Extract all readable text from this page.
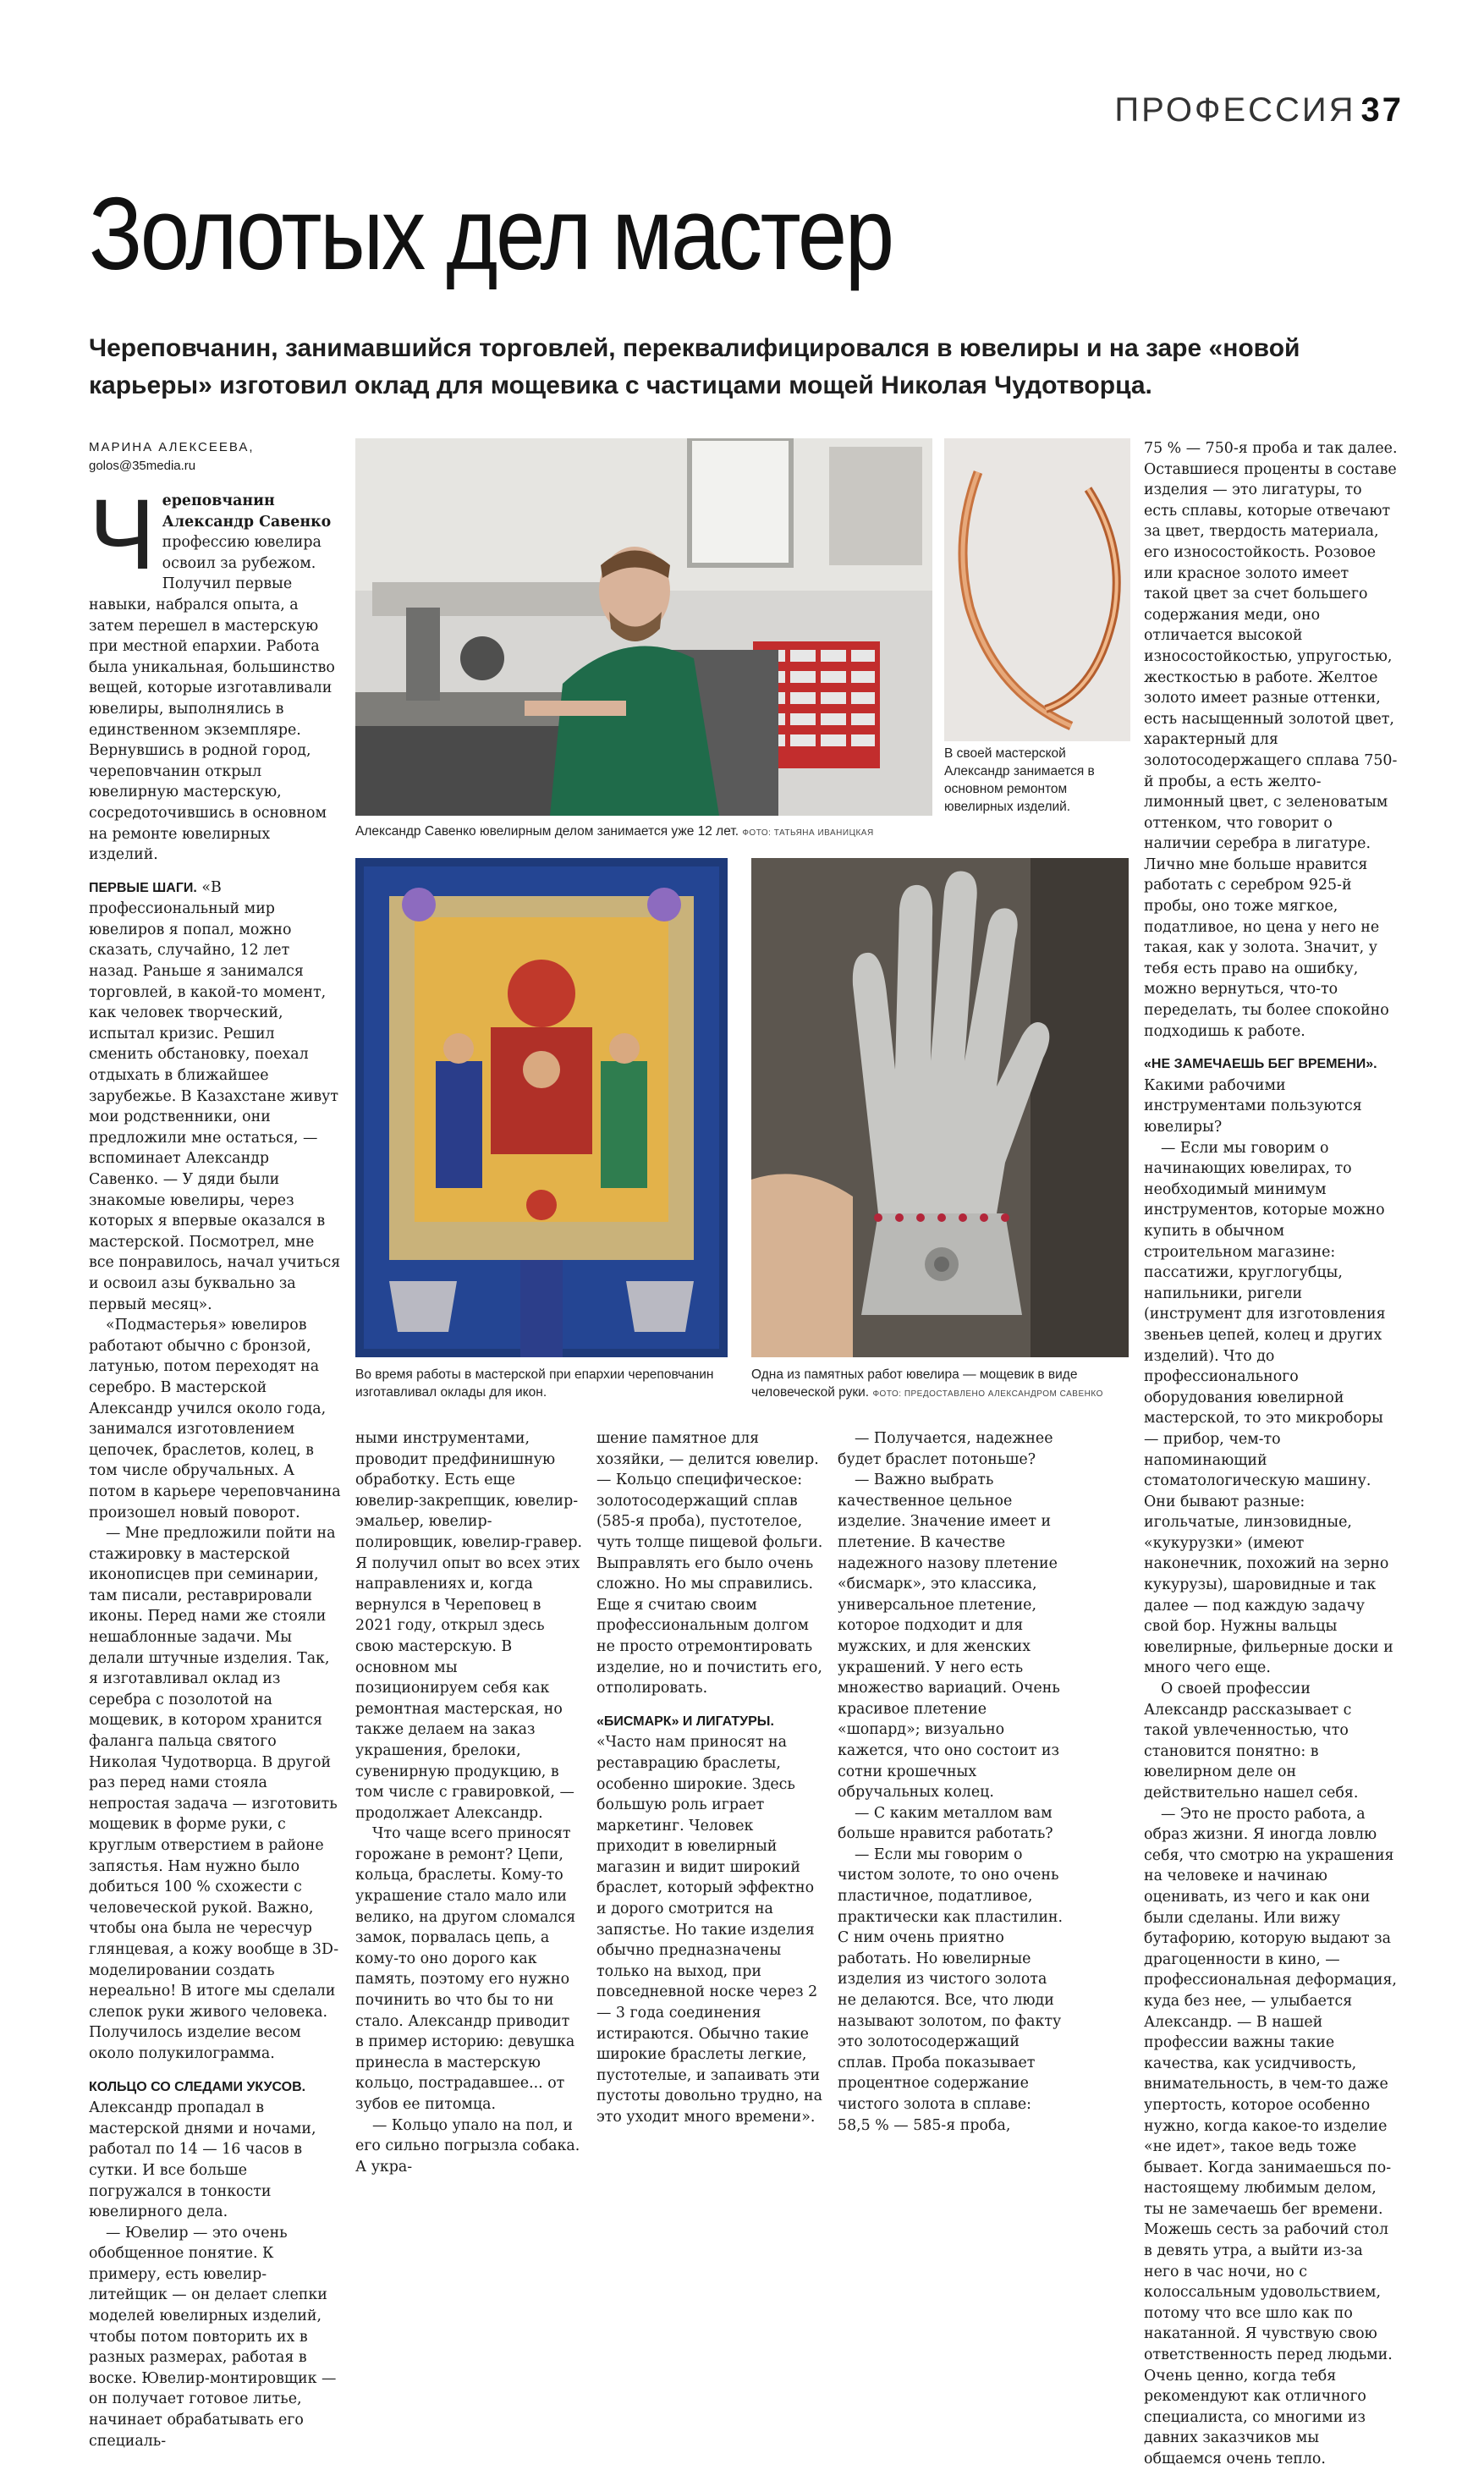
ПРОФЕССИЯ 37
Золотых дел мастер
Череповчанин, занимавшийся торговлей, переквалифицировался в ювелиры и на заре «новой карьеры» изготовил оклад для мощевика с частицами мощей Николая Чудотворца.
МАРИНА АЛЕКСЕЕВА,
golos@35media.ru

Череповчанин Александр Савенко профессию ювелира освоил за рубежом. Получил первые навыки, набрался опыта, а затем перешел в мастерскую при местной епархии. Работа была уникальная, большинство вещей, которые изготавливали ювелиры, выполнялись в единственном экземпляре. Вернувшись в родной город, череповчанин открыл ювелирную мастерскую, сосредоточившись в основном на ремонте ювелирных изделий.

ПЕРВЫЕ ШАГИ. «В профессиональный мир ювелиров я попал, можно сказать, случайно, 12 лет назад. Раньше я занимался торговлей, в какой-то момент, как человек творческий, испытал кризис. Решил сменить обстановку, поехал отдыхать в ближайшее зарубежье. В Казахстане живут мои родственники, они предложили мне остаться, — вспоминает Александр Савенко. — У дяди были знакомые ювелиры, через которых я впервые оказался в мастерской. Посмотрел, мне все понравилось, начал учиться и освоил азы буквально за первый месяц».

«Подмастерья» ювелиров работают обычно с бронзой, латунью, потом переходят на серебро. В мастерской Александр учился около года, занимался изготовлением цепочек, браслетов, колец, в том числе обручальных. А потом в карьере череповчанина произошел новый поворот.

— Мне предложили пойти на стажировку в мастерской иконописцев при семинарии, там писали, реставрировали иконы. Перед нами же стояли нешаблонные задачи. Мы делали штучные изделия. Так, я изготавливал оклад из серебра с позолотой на мощевик, в котором хранится фаланга пальца святого Николая Чудотворца. В другой раз перед нами стояла непростая задача — изготовить мощевик в форме руки, с круглым отверстием в районе запястья. Нам нужно было добиться 100 % схожести с человеческой рукой. Важно, чтобы она была не чересчур глянцевая, а кожу вообще в 3D-моделировании создать нереально! В итоге мы сделали слепок руки живого человека. Получилось изделие весом около полукилограмма.

КОЛЬЦО СО СЛЕДАМИ УКУСОВ. Александр пропадал в мастерской днями и ночами, работал по 14 — 16 часов в сутки. И все больше погружался в тонкости ювелирного дела.

— Ювелир — это очень обобщенное понятие. К примеру, есть ювелир-литейщик — он делает слепки моделей ювелирных изделий, чтобы потом повторить их в разных размерах, работая в воске. Ювелир-монтировщик — он получает готовое литье, начинает обрабатывать его специаль-

Александр Савенко ювелирным делом занимается уже 12 лет. ФОТО: ТАТЬЯНА ИВАНИЦКАЯ
В своей мастерской Александр занимается в основном ремонтом ювелирных изделий.
Во время работы в мастерской при епархии череповчанин изготавливал оклады для икон.
Одна из памятных работ ювелира — мощевик в виде человеческой руки. ФОТО: ПРЕДОСТАВЛЕНО АЛЕКСАНДРОМ САВЕНКО

ными инструментами, проводит предфинишную обработку. Есть еще ювелир-закрепщик, ювелир-эмальер, ювелир-полировщик, ювелир-гравер. Я получил опыт во всех этих направлениях и, когда вернулся в Череповец в 2021 году, открыл здесь свою мастерскую. В основном мы позиционируем себя как ремонтная мастерская, но также делаем на заказ украшения, брелоки, сувенирную продукцию, в том числе с гравировкой, — продолжает Александр.

Что чаще всего приносят горожане в ремонт? Цепи, кольца, браслеты. Кому-то украшение стало мало или велико, на другом сломался замок, порвалась цепь, а кому-то оно дорого как память, поэтому его нужно починить во что бы то ни стало. Александр приводит в пример историю: девушка принесла в мастерскую кольцо, пострадавшее... от зубов ее питомца.

— Кольцо упало на пол, и его сильно погрызла собака. А укра-

шение памятное для хозяйки, — делится ювелир. — Кольцо специфическое: золотосодержащий сплав (585-я проба), пустотелое, чуть толще пищевой фольги. Выправлять его было очень сложно. Но мы справились. Еще я считаю своим профессиональным долгом не просто отремонтировать изделие, но и почистить его, отполировать.

«БИСМАРК» И ЛИГАТУРЫ. «Часто нам приносят на реставрацию браслеты, особенно широкие. Здесь большую роль играет маркетинг. Человек приходит в ювелирный магазин и видит широкий браслет, который эффектно и дорого смотрится на запястье. Но такие изделия обычно предназначены только на выход, при повседневной носке через 2 — 3 года соединения истираются. Обычно такие широкие браслеты легкие, пустотелые, и запаивать эти пустоты довольно трудно, на это уходит много времени».

— Получается, надежнее будет браслет потоньше?

— Важно выбрать качественное цельное изделие. Значение имеет и плетение. В качестве надежного назову плетение «бисмарк», это классика, универсальное плетение, которое подходит и для мужских, и для женских украшений. У него есть множество вариаций. Очень красивое плетение «шопард»; визуально кажется, что оно состоит из сотни крошечных обручальных колец.

— С каким металлом вам больше нравится работать?

— Если мы говорим о чистом золоте, то оно очень пластичное, податливое, практически как пластилин. С ним очень приятно работать. Но ювелирные изделия из чистого золота не делаются. Все, что люди называют золотом, по факту это золотосодержащий сплав. Проба показывает процентное содержание чистого золота в сплаве: 58,5 % — 585-я проба,

75 % — 750-я проба и так далее. Оставшиеся проценты в составе изделия — это лигатуры, то есть сплавы, которые отвечают за цвет, твердость материала, его износостойкость. Розовое или красное золото имеет такой цвет за счет большего содержания меди, оно отличается высокой износостойкостью, упругостью, жесткостью в работе. Желтое золото имеет разные оттенки, есть насыщенный золотой цвет, характерный для золотосодержащего сплава 750-й пробы, а есть желто-лимонный цвет, с зеленоватым оттенком, что говорит о наличии серебра в лигатуре. Лично мне больше нравится работать с серебром 925-й пробы, оно тоже мягкое, податливое, но цена у него не такая, как у золота. Значит, у тебя есть право на ошибку, можно вернуться, что-то переделать, ты более спокойно подходишь к работе.

«НЕ ЗАМЕЧАЕШЬ БЕГ ВРЕМЕНИ». Какими рабочими инструментами пользуются ювелиры?

— Если мы говорим о начинающих ювелирах, то необходимый минимум инструментов, которые можно купить в обычном строительном магазине: пассатижи, круглогубцы, напильники, ригели (инструмент для изготовления звеньев цепей, колец и других изделий). Что до профессионального оборудования ювелирной мастерской, то это микроборы — прибор, чем-то напоминающий стоматологическую машину. Они бывают разные: игольчатые, линзовидные, «кукурузки» (имеют наконечник, похожий на зерно кукурузы), шаровидные и так далее — под каждую задачу свой бор. Нужны вальцы ювелирные, фильерные доски и много чего еще.

О своей профессии Александр рассказывает с такой увлеченностью, что становится понятно: в ювелирном деле он действительно нашел себя.

— Это не просто работа, а образ жизни. Я иногда ловлю себя, что смотрю на украшения на человеке и начинаю оценивать, из чего и как они были сделаны. Или вижу бутафорию, которую выдают за драгоценности в кино, — профессиональная деформация, куда без нее, — улыбается Александр. — В нашей профессии важны такие качества, как усидчивость, внимательность, в чем-то даже упертость, которое особенно нужно, когда какое-то изделие «не идет», такое ведь тоже бывает. Когда занимаешься по-настоящему любимым делом, ты не замечаешь бег времени. Можешь сесть за рабочий стол в девять утра, а выйти из-за него в час ночи, но с колоссальным удовольствием, потому что все шло как по накатанной. Я чувствую свою ответственность перед людьми. Очень ценно, когда тебя рекомендуют как отличного специалиста, со многими из давних заказчиков мы общаемся очень тепло.
